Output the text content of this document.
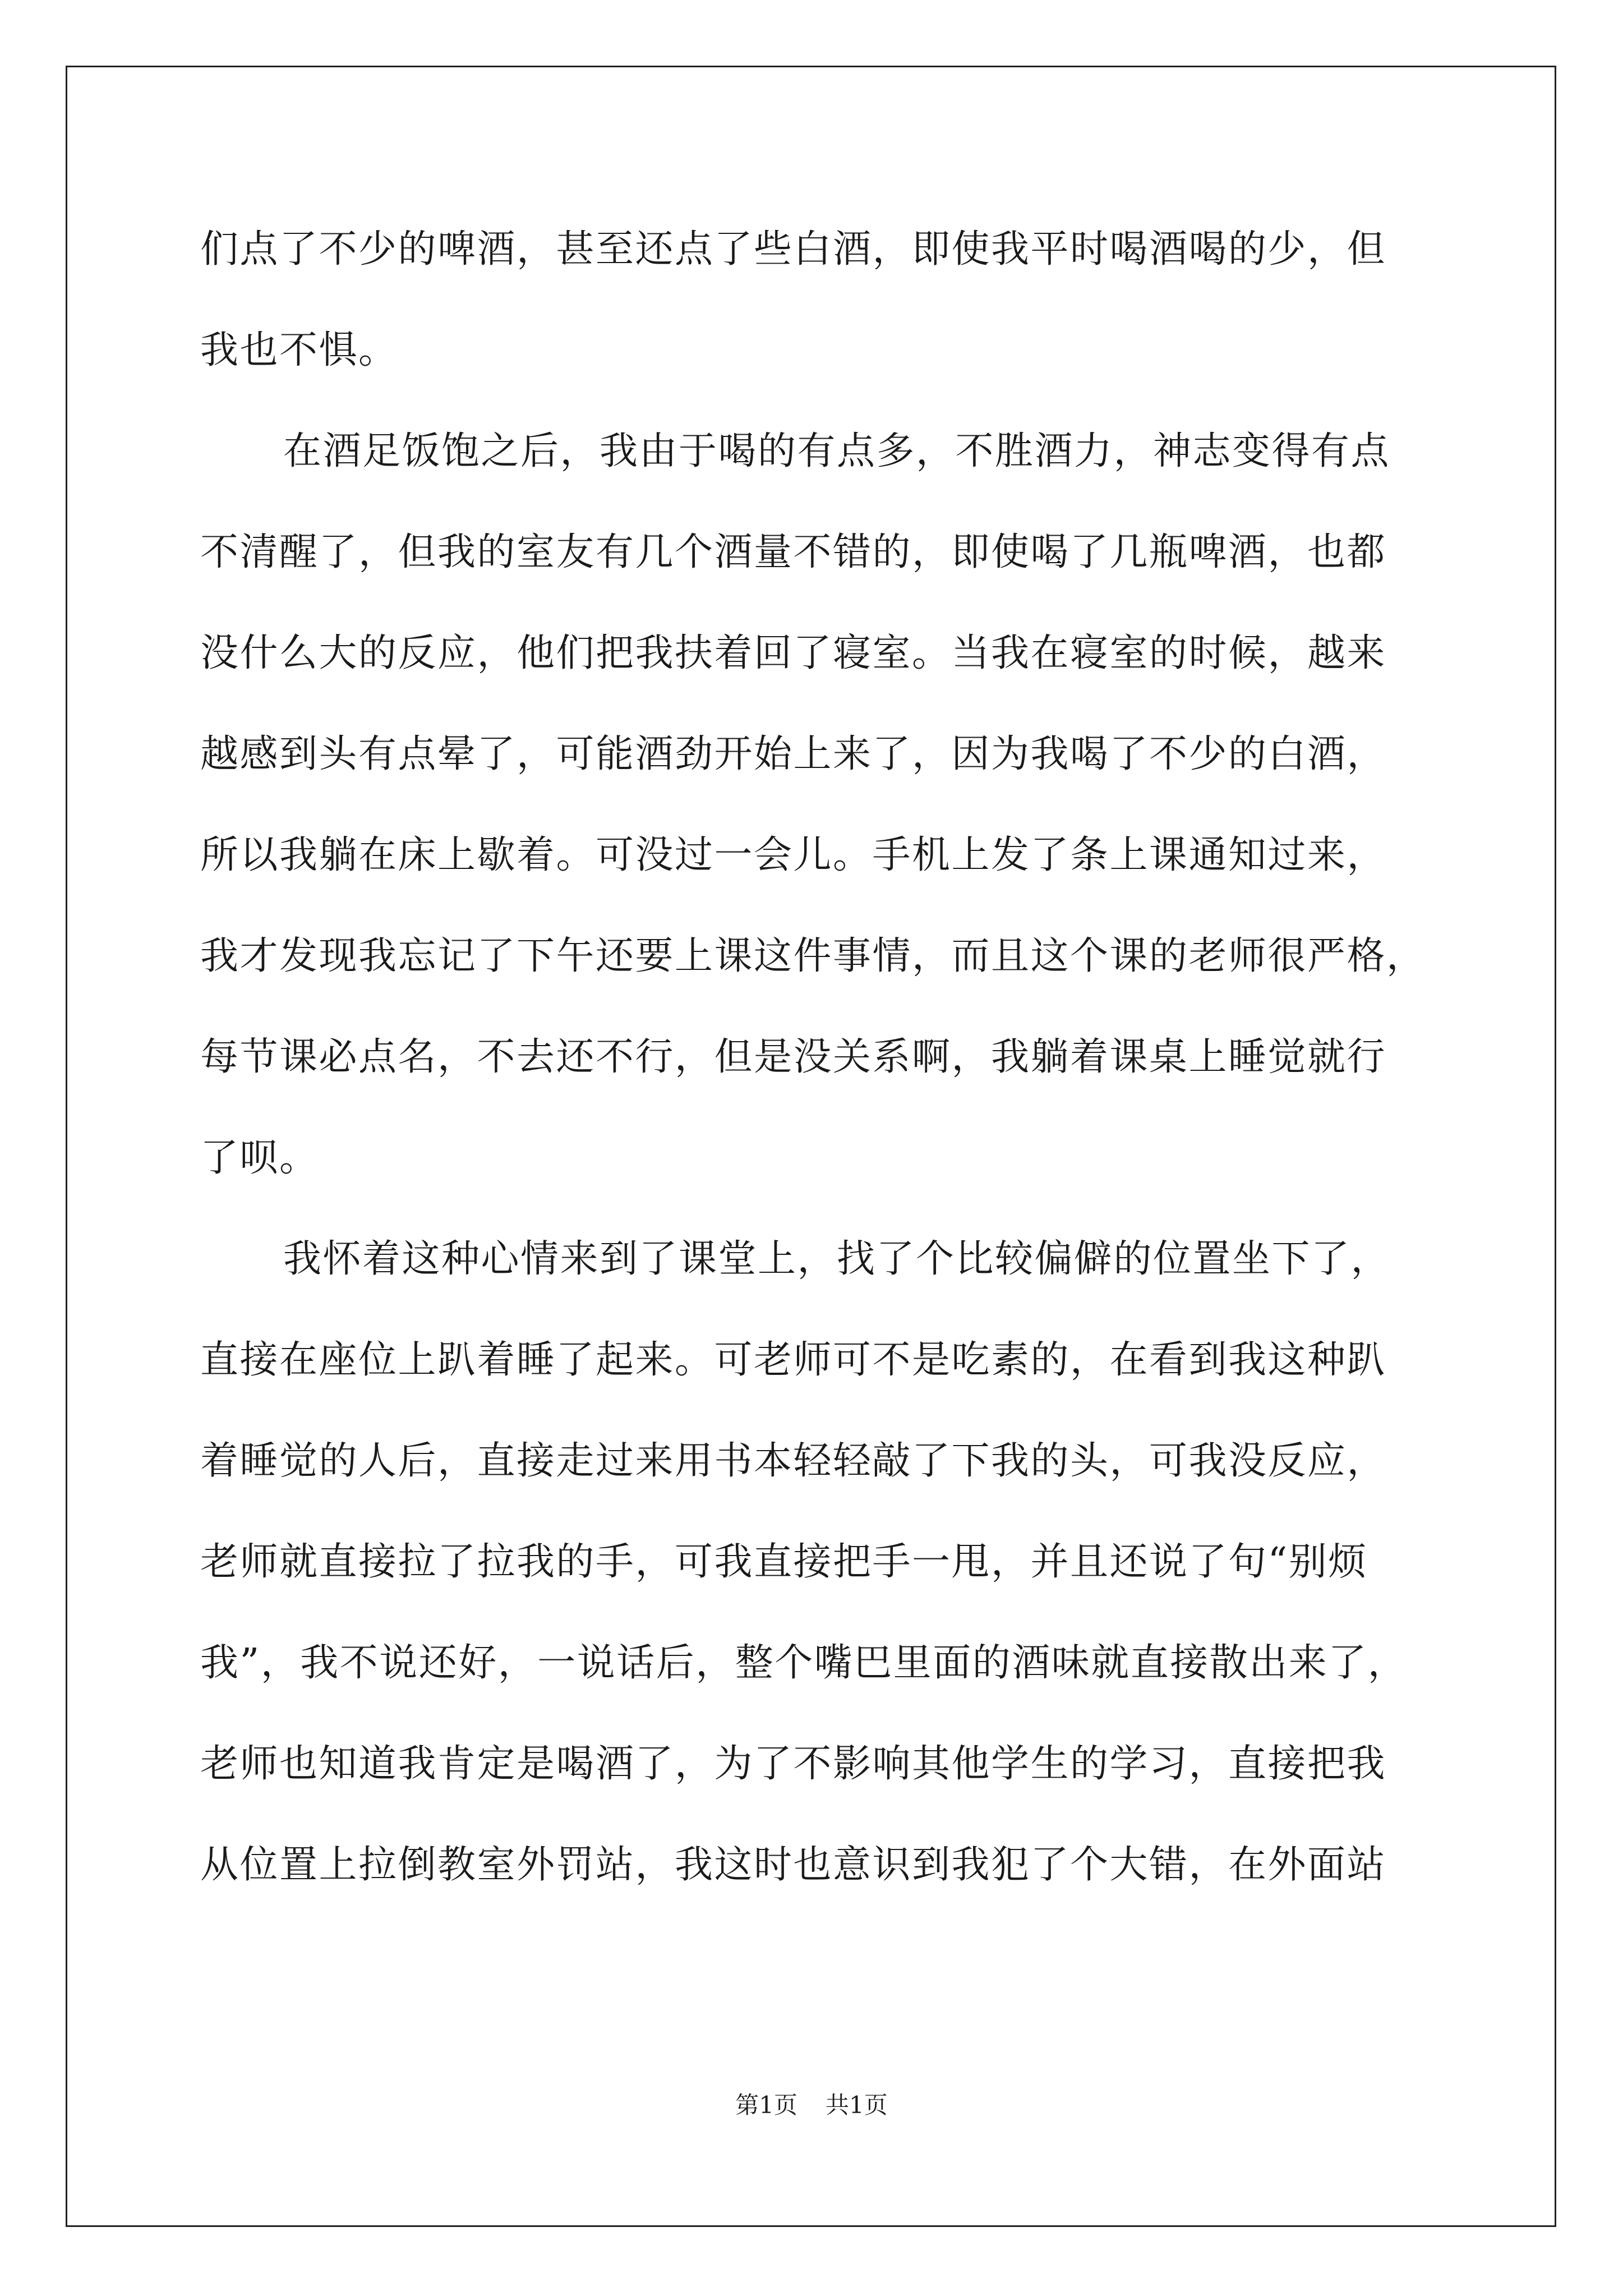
们点了不少的啤酒，甚至还点了些白酒，即使我平时喝酒喝的少，但
我也不惧。
在酒足饭饱之后，我由于喝的有点多，不胜酒力，神志变得有点
不清醒了，但我的室友有几个酒量不错的，即使喝了几瓶啤酒，也都
没什么大的反应，他们把我扶着回了寝室。当我在寝室的时候，越来
越感到头有点晕了，可能酒劲开始上来了，因为我喝了不少的白酒，
所以我躺在床上歇着。可没过一会儿。手机上发了条上课通知过来，
我才发现我忘记了下午还要上课这件事情，而且这个课的老师很严格，
每节课必点名，不去还不行，但是没关系啊，我躺着课桌上睡觉就行
了呗。
我怀着这种心情来到了课堂上，找了个比较偏僻的位置坐下了，
直接在座位上趴着睡了起来。可老师可不是吃素的，在看到我这种趴
着睡觉的人后，直接走过来用书本轻轻敲了下我的头，可我没反应，
老师就直接拉了拉我的手，可我直接把手一甩，并且还说了句“别烦
我”，我不说还好，一说话后，整个嘴巴里面的酒味就直接散出来了，
老师也知道我肯定是喝酒了，为了不影响其他学生的学习，直接把我
从位置上拉倒教室外罚站，我这时也意识到我犯了个大错，在外面站
第1页 共1页
